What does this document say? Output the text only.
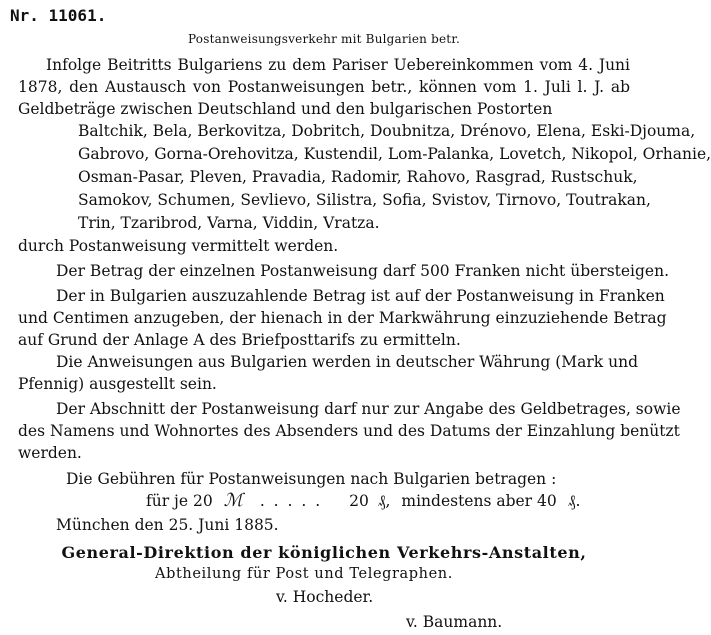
Nr. 11061.
Postanweisungsverkehr mit Bulgarien betr.
Infolge Beitritts Bulgariens zu dem Pariser Uebereinkommen vom 4. Juni
1878, den Austausch von Postanweisungen betr., können vom 1. Juli l. J. ab
Geldbeträge zwischen Deutschland und den bulgarischen Postorten
Baltchik, Bela, Berkovitza, Dobritch, Doubnitza, Drénovo, Elena, Eski-Djouma,
Gabrovo, Gorna-Orehovitza, Kustendil, Lom-Palanka, Lovetch, Nikopol, Orhanie,
Osman-Pasar, Pleven, Pravadia, Radomir, Rahovo, Rasgrad, Rustschuk,
Samokov, Schumen, Sevlievo, Silistra, Sofia, Svistov, Tirnovo, Toutrakan,
Trin, Tzaribrod, Varna, Viddin, Vratza.
durch Postanweisung vermittelt werden.
Der Betrag der einzelnen Postanweisung darf 500 Franken nicht übersteigen.
Der in Bulgarien auszuzahlende Betrag ist auf der Postanweisung in Franken
und Centimen anzugeben, der hienach in der Markwährung einzuziehende Betrag
auf Grund der Anlage A des Briefposttarifs zu ermitteln.
Die Anweisungen aus Bulgarien werden in deutscher Währung (Mark und
Pfennig) ausgestellt sein.
Der Abschnitt der Postanweisung darf nur zur Angabe des Geldbetrages, sowie
des Namens und Wohnortes des Absenders und des Datums der Einzahlung benützt
werden.
Die Gebühren für Postanweisungen nach Bulgarien betragen :
für je 20 ℳ . . . . . 20 ₰, mindestens aber 40 ₰.
München den 25. Juni 1885.
General-Direktion der königlichen Verkehrs-Anstalten,
Abtheilung für Post und Telegraphen.
v. Hocheder.
v. Baumann.
